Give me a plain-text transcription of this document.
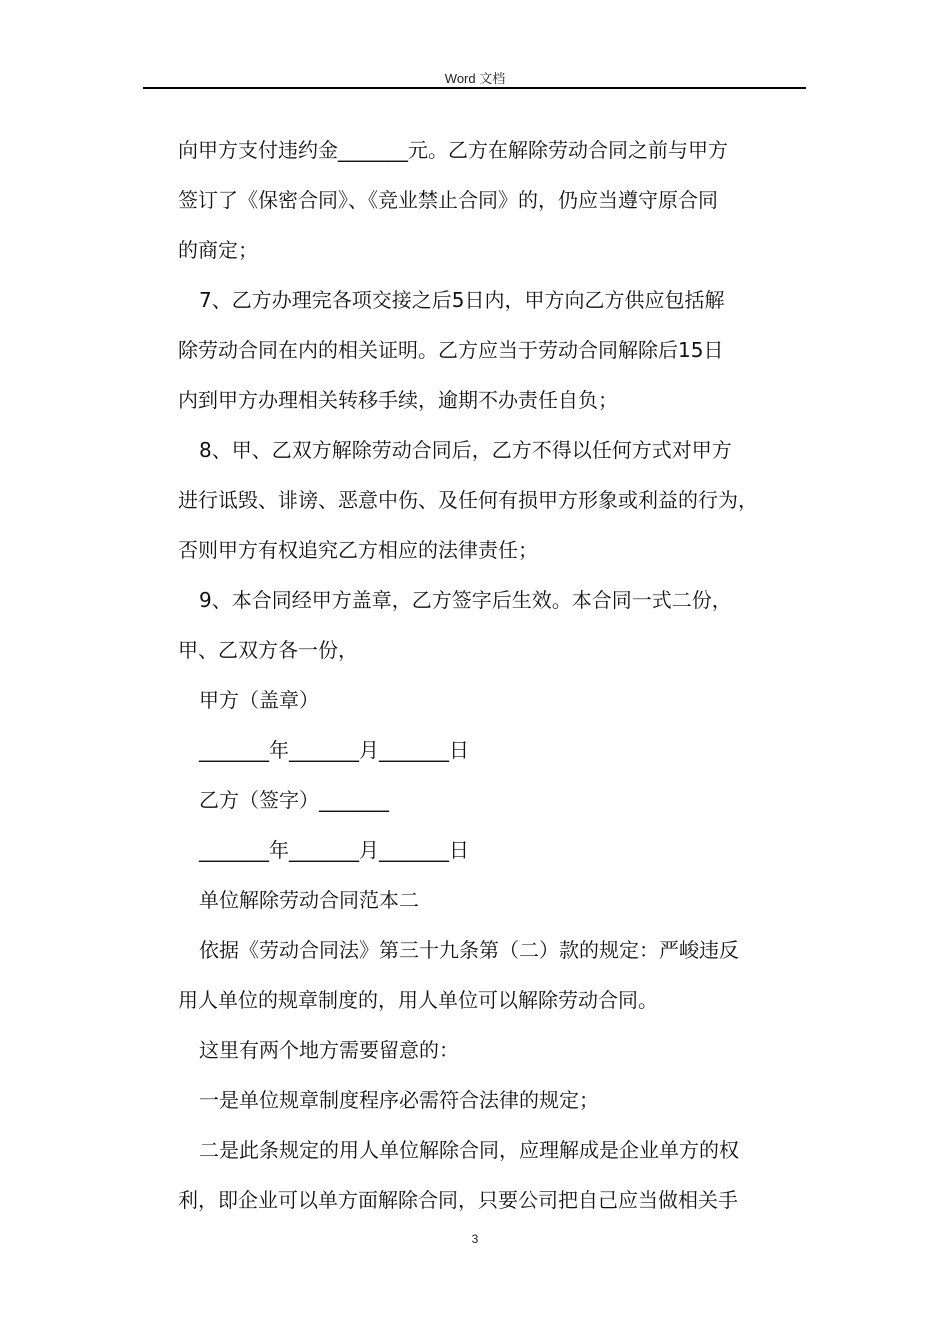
Word 文档
向甲方支付违约金_______元。乙方在解除劳动合同之前与甲方
签订了《保密合同》、《竞业禁止合同》的，仍应当遵守原合同
的商定；
7、乙方办理完各项交接之后5日内，甲方向乙方供应包括解
除劳动合同在内的相关证明。乙方应当于劳动合同解除后15日
内到甲方办理相关转移手续，逾期不办责任自负；
8、甲、乙双方解除劳动合同后，乙方不得以任何方式对甲方
进行诋毁、诽谤、恶意中伤、及任何有损甲方形象或利益的行为，
否则甲方有权追究乙方相应的法律责任；
9、本合同经甲方盖章，乙方签字后生效。本合同一式二份，
甲、乙双方各一份，
甲方（盖章）
_______年_______月_______日
乙方（签字）_______
_______年_______月_______日
单位解除劳动合同范本二
依据《劳动合同法》第三十九条第（二）款的规定：严峻违反
用人单位的规章制度的，用人单位可以解除劳动合同。
这里有两个地方需要留意的：
一是单位规章制度程序必需符合法律的规定；
二是此条规定的用人单位解除合同，应理解成是企业单方的权
利，即企业可以单方面解除合同，只要公司把自己应当做相关手
3
